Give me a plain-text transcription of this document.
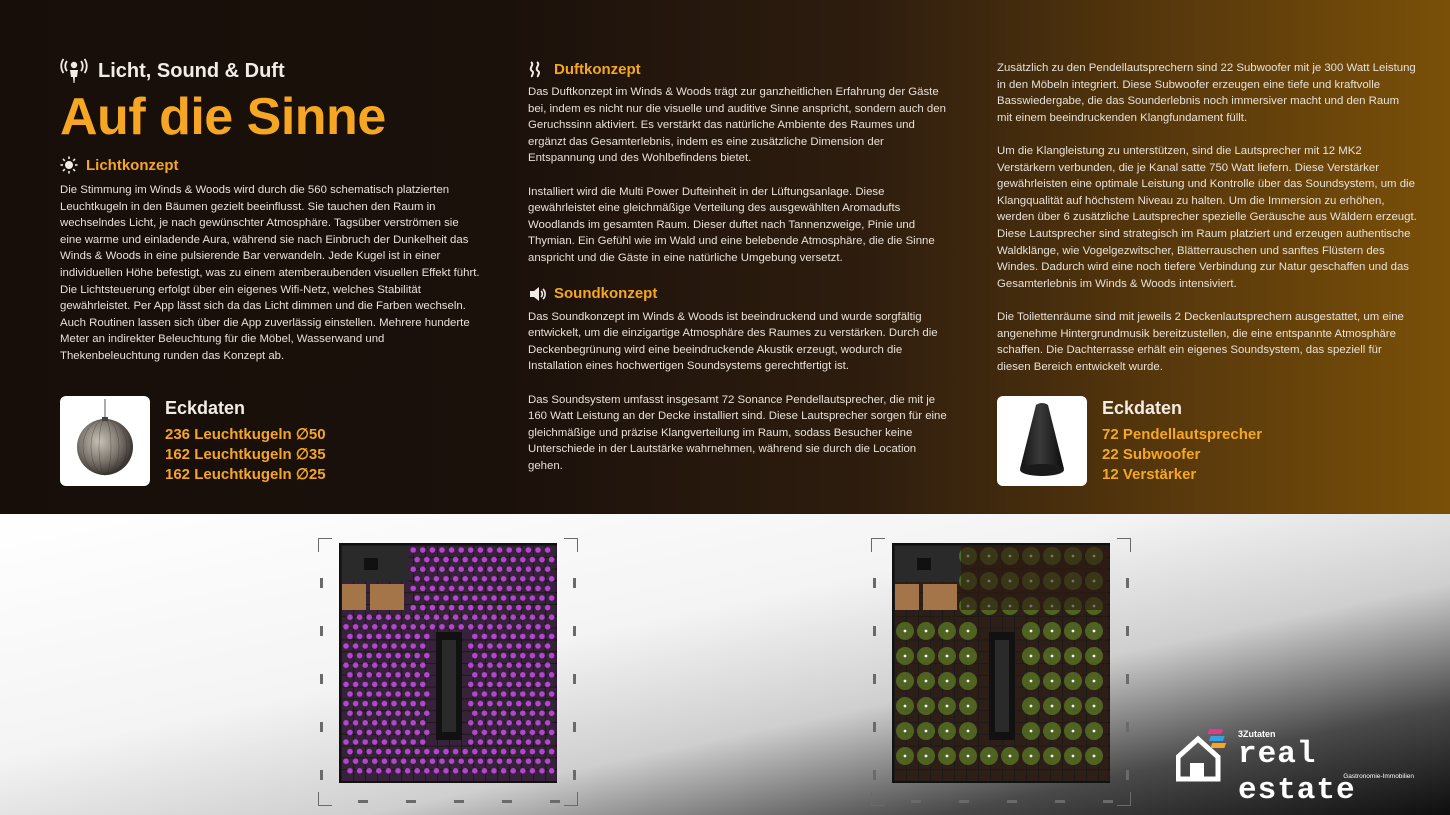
Licht, Sound & Duft
Auf die Sinne
Lichtkonzept

Die Stimmung im Winds & Woods wird durch die 560 schematisch platzierten Leuchtkugeln in den Bäumen gezielt beeinflusst. Sie tauchen den Raum in wechselndes Licht, je nach gewünschter Atmosphäre. Tagsüber verströmen sie eine warme und einladende Aura, während sie nach Einbruch der Dunkelheit das Winds & Woods in eine pulsierende Bar verwandeln. Jede Kugel ist in einer individuellen Höhe befestigt, was zu einem atemberaubenden visuellen Effekt führt. Die Lichtsteuerung erfolgt über ein eigenes Wifi-Netz, welches Stabilität gewährleistet. Per App lässt sich da das Licht dimmen und die Farben wechseln. Auch Routinen lassen sich über die App zuverlässig einstellen. Mehrere hunderte Meter an indirekter Beleuchtung für die Möbel, Wasserwand und Thekenbeleuchtung runden das Konzept ab.

Eckdaten
236 Leuchtkugeln ∅50
162 Leuchtkugeln ∅35
162 Leuchtkugeln ∅25
Duftkonzept

Das Duftkonzept im Winds & Woods trägt zur ganzheitlichen Erfahrung der Gäste bei, indem es nicht nur die visuelle und auditive Sinne anspricht, sondern auch den Geruchssinn aktiviert. Es verstärkt das natürliche Ambiente des Raumes und ergänzt das Gesamterlebnis, indem es eine zusätzliche Dimension der Entspannung und des Wohlbefindens bietet.

Installiert wird die Multi Power Dufteinheit in der Lüftungsanlage. Diese gewährleistet eine gleichmäßige Verteilung des ausgewählten Aromadufts Woodlands im gesamten Raum. Dieser duftet nach Tannenzweige, Pinie und Thymian. Ein Gefühl wie im Wald und eine belebende Atmosphäre, die die Sinne anspricht und die Gäste in eine natürliche Umgebung versetzt.

Soundkonzept

Das Soundkonzept im Winds & Woods ist beeindruckend und wurde sorgfältig entwickelt, um die einzigartige Atmosphäre des Raumes zu verstärken. Durch die Deckenbegrünung wird eine beeindruckende Akustik erzeugt, wodurch die Installation eines hochwertigen Soundsystems gerechtfertigt ist.

Das Soundsystem umfasst insgesamt 72 Sonance Pendellautsprecher, die mit je 160 Watt Leistung an der Decke installiert sind. Diese Lautsprecher sorgen für eine gleichmäßige und präzise Klangverteilung im Raum, sodass Besucher keine Unterschiede in der Lautstärke wahrnehmen, während sie durch die Location gehen.

Zusätzlich zu den Pendellautsprechern sind 22 Subwoofer mit je 300 Watt Leistung in den Möbeln integriert. Diese Subwoofer erzeugen eine tiefe und kraftvolle Basswiedergabe, die das Sounderlebnis noch immersiver macht und den Raum mit einem beeindruckenden Klangfundament füllt.

Um die Klangleistung zu unterstützen, sind die Lautsprecher mit 12 MK2 Verstärkern verbunden, die je Kanal satte 750 Watt liefern. Diese Verstärker gewährleisten eine optimale Leistung und Kontrolle über das Soundsystem, um die Klangqualität auf höchstem Niveau zu halten. Um die Immersion zu erhöhen, werden über 6 zusätzliche Lautsprecher spezielle Geräusche aus Wäldern erzeugt. Diese Lautsprecher sind strategisch im Raum platziert und erzeugen authentische Waldklänge, wie Vogelgezwitscher, Blätterrauschen und sanftes Flüstern des Windes. Dadurch wird eine noch tiefere Verbindung zur Natur geschaffen und das Gesamterlebnis im Winds & Woods intensiviert.

Die Toilettenräume sind mit jeweils 2 Deckenlautsprechern ausgestattet, um eine angenehme Hintergrundmusik bereitzustellen, die eine entspannte Atmosphäre schaffen. Die Dachterrasse erhält ein eigenes Soundsystem, das speziell für diesen Bereich entwickelt wurde.

Eckdaten
72 Pendellautsprecher
22 Subwoofer
12 Verstärker
3Zutaten
real estate
Gastronomie-Immobilien
